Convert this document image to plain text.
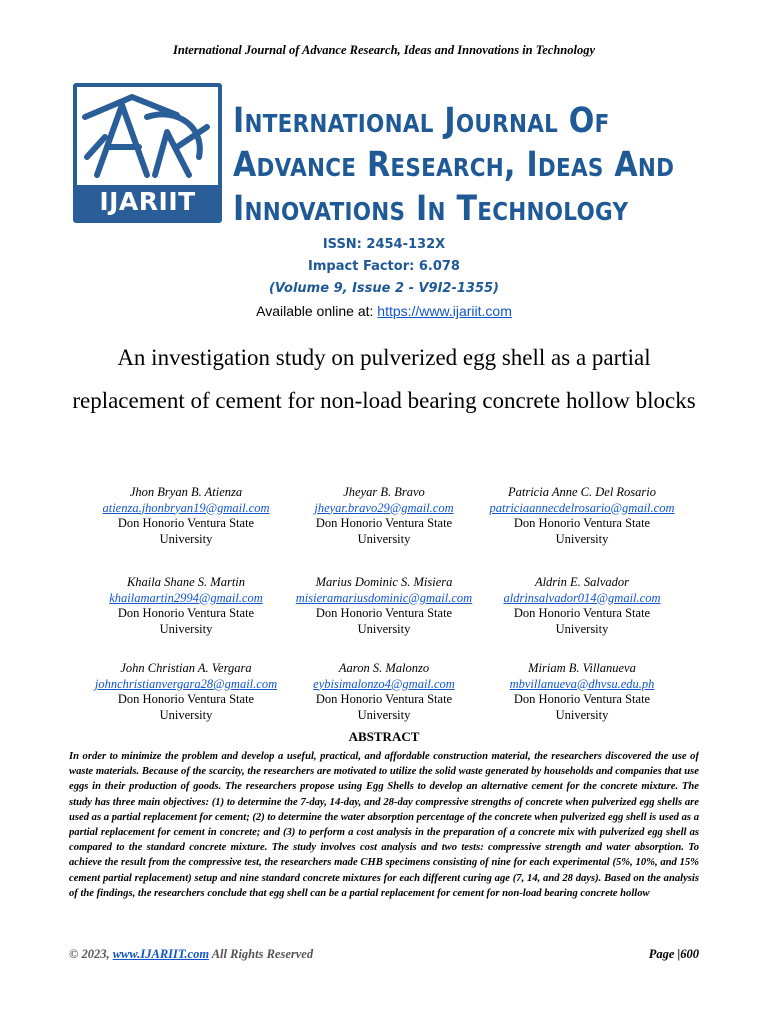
International Journal of Advance Research, Ideas and Innovations in Technology
IJARIIT
International Journal Of
Advance Research, Ideas And
Innovations In Technology
ISSN: 2454-132X
Impact Factor: 6.078
(Volume 9, Issue 2 - V9I2-1355)
Available online at: https://www.ijariit.com
An investigation study on pulverized egg shell as a partial replacement of cement for non-load bearing concrete hollow blocks
Jhon Bryan B. Atienza
atienza.jhonbryan19@gmail.com
Don Honorio Ventura State
University
Jheyar B. Bravo
jheyar.bravo29@gmail.com
Don Honorio Ventura State
University
Patricia Anne C. Del Rosario
patriciaannecdelrosario@gmail.com
Don Honorio Ventura State
University
Khaila Shane S. Martin
khailamartin2994@gmail.com
Don Honorio Ventura State
University
Marius Dominic S. Misiera
misieramariusdominic@gmail.com
Don Honorio Ventura State
University
Aldrin E. Salvador
aldrinsalvador014@gmail.com
Don Honorio Ventura State
University
John Christian A. Vergara
johnchristianvergara28@gmail.com
Don Honorio Ventura State
University
Aaron S. Malonzo
eybisimalonzo4@gmail.com
Don Honorio Ventura State
University
Miriam B. Villanueva
mbvillanueva@dhvsu.edu.ph
Don Honorio Ventura State
University
ABSTRACT
In order to minimize the problem and develop a useful, practical, and affordable construction material, the researchers discovered the use of waste materials. Because of the scarcity, the researchers are motivated to utilize the solid waste generated by households and companies that use eggs in their production of goods. The researchers propose using Egg Shells to develop an alternative cement for the concrete mixture. The study has three main objectives: (1) to determine the 7-day, 14-day, and 28-day compressive strengths of concrete when pulverized egg shells are used as a partial replacement for cement; (2) to determine the water absorption percentage of the concrete when pulverized egg shell is used as a partial replacement for cement in concrete; and (3) to perform a cost analysis in the preparation of a concrete mix with pulverized egg shell as compared to the standard concrete mixture. The study involves cost analysis and two tests: compressive strength and water absorption. To achieve the result from the compressive test, the researchers made CHB specimens consisting of nine for each experimental (5%, 10%, and 15% cement partial replacement) setup and nine standard concrete mixtures for each different curing age (7, 14, and 28 days). Based on the analysis of the findings, the researchers conclude that egg shell can be a partial replacement for cement for non-load bearing concrete hollow
© 2023, www.IJARIIT.com All Rights Reserved	Page |600
